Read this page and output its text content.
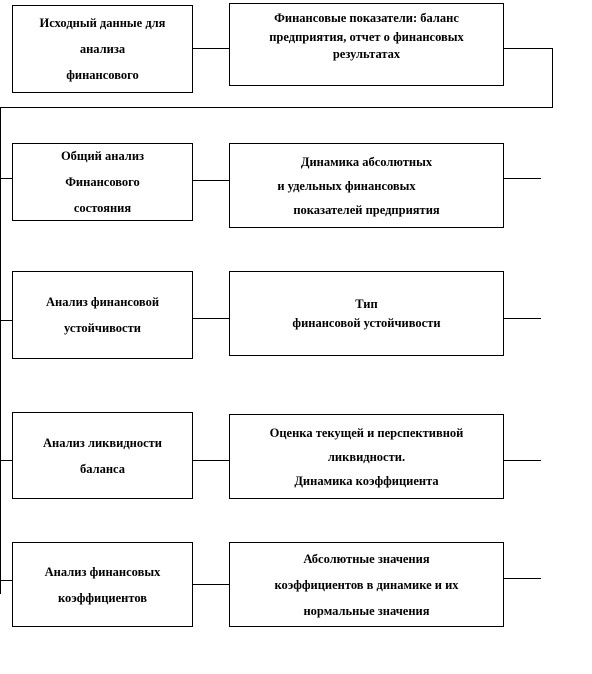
Исходный данные для
анализа
финансового
Общий анализ
Финансового
состояния
Анализ финансовой
устойчивости
Анализ ликвидности
баланса
Анализ финансовых
коэффициентов
Финансовые показатели: баланс
предприятия, отчет о финансовых
результатах
Динамика абсолютных
и удельных финансовых
показателей предприятия
Тип
финансовой устойчивости
Оценка текущей и перспективной
ликвидности.
Динамика коэффициента
Абсолютные значения
коэффициентов в динамике и их
нормальные значения
